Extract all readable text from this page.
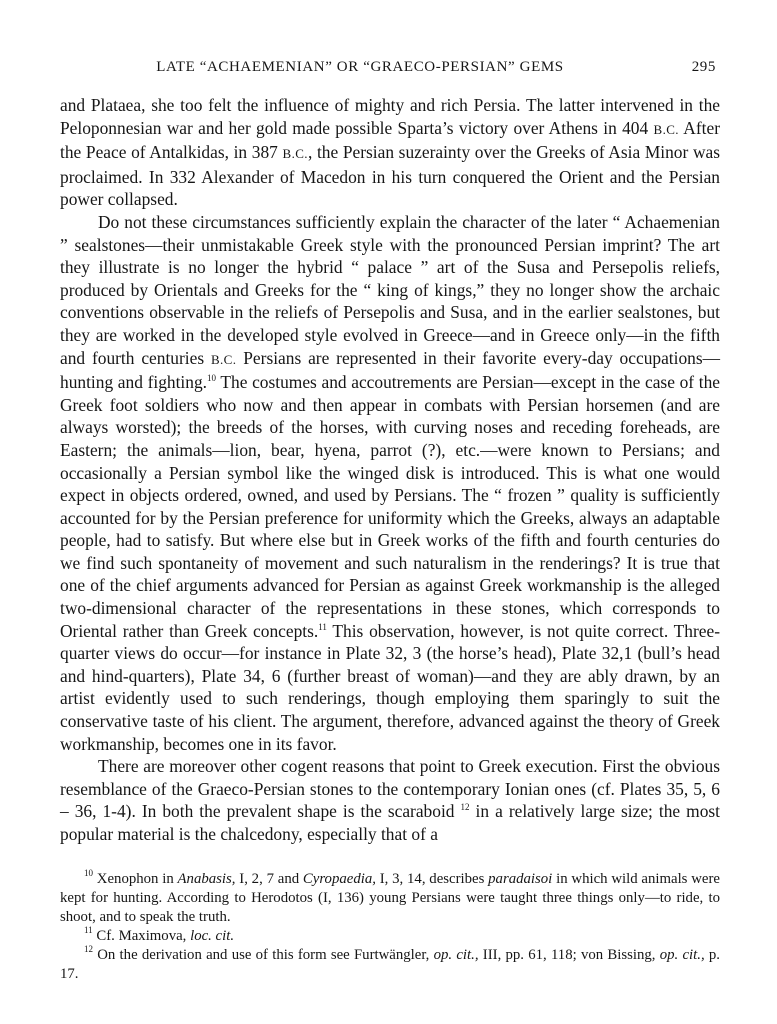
LATE “ACHAEMENIAN” OR “GRAECO-PERSIAN” GEMS	295

and Plataea, she too felt the influence of mighty and rich Persia. The latter intervened in the Peloponnesian war and her gold made possible Sparta’s victory over Athens in 404 B.C. After the Peace of Antalkidas, in 387 B.C., the Persian suzerainty over the Greeks of Asia Minor was proclaimed. In 332 Alexander of Macedon in his turn conquered the Orient and the Persian power collapsed.

Do not these circumstances sufficiently explain the character of the later “ Achaemenian ” sealstones—their unmistakable Greek style with the pronounced Persian imprint? The art they illustrate is no longer the hybrid “ palace ” art of the Susa and Persepolis reliefs, produced by Orientals and Greeks for the “ king of kings,” they no longer show the archaic conventions observable in the reliefs of Persepolis and Susa, and in the earlier sealstones, but they are worked in the developed style evolved in Greece—and in Greece only—in the fifth and fourth centuries B.C. Persians are represented in their favorite every-day occupations—hunting and fighting.$^{10}$ The costumes and accoutrements are Persian—except in the case of the Greek foot soldiers who now and then appear in combats with Persian horsemen (and are always worsted); the breeds of the horses, with curving noses and receding foreheads, are Eastern; the animals—lion, bear, hyena, parrot (?), etc.—were known to Persians; and occasionally a Persian symbol like the winged disk is introduced. This is what one would expect in objects ordered, owned, and used by Persians. The “ frozen ” quality is sufficiently accounted for by the Persian preference for uniformity which the Greeks, always an adaptable people, had to satisfy. But where else but in Greek works of the fifth and fourth centuries do we find such spontaneity of movement and such naturalism in the renderings? It is true that one of the chief arguments advanced for Persian as against Greek workmanship is the alleged two-dimensional character of the representations in these stones, which corresponds to Oriental rather than Greek concepts.$^{11}$ This observation, however, is not quite correct. Three-quarter views do occur—for instance in Plate 32, 3 (the horse’s head), Plate 32,1 (bull’s head and hind-quarters), Plate 34, 6 (further breast of woman)—and they are ably drawn, by an artist evidently used to such renderings, though employing them sparingly to suit the conservative taste of his client. The argument, therefore, advanced against the theory of Greek workmanship, becomes one in its favor.

There are moreover other cogent reasons that point to Greek execution. First the obvious resemblance of the Graeco-Persian stones to the contemporary Ionian ones (cf. Plates 35, 5, 6 – 36, 1-4). In both the prevalent shape is the scaraboid $^{12}$ in a relatively large size; the most popular material is the chalcedony, especially that of a

$^{10}$ Xenophon in Anabasis, I, 2, 7 and Cyropaedia, I, 3, 14, describes paradaisoi in which wild animals were kept for hunting. According to Herodotos (I, 136) young Persians were taught three things only—to ride, to shoot, and to speak the truth.

$^{11}$ Cf. Maximova, loc. cit.

$^{12}$ On the derivation and use of this form see Furtwängler, op. cit., III, pp. 61, 118; von Bissing, op. cit., p. 17.
